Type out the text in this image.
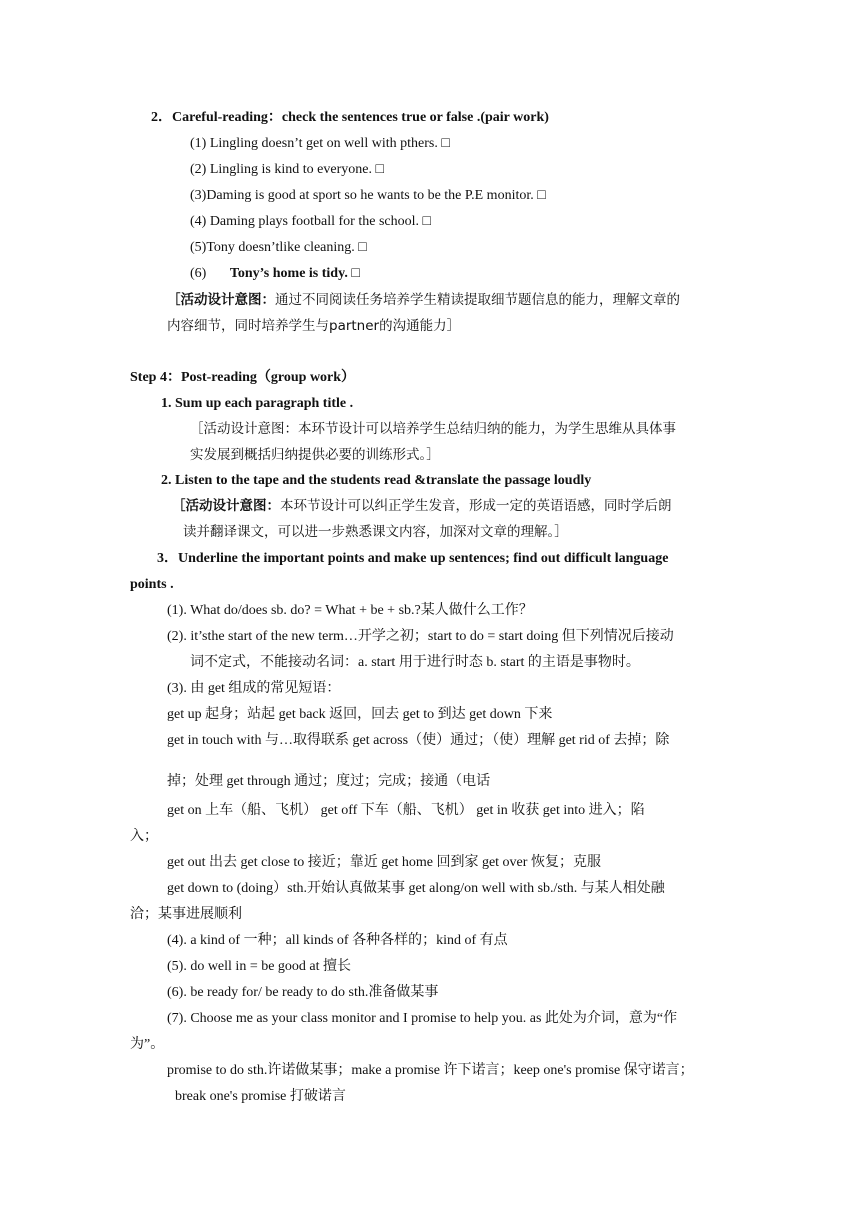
2．Careful-reading：check the sentences true or false .(pair work)
(1) Lingling doesn’t get on well with pthers. □
(2) Lingling is kind to everyone. □
(3)Daming is good at sport so he wants to be the P.E monitor. □
(4) Daming plays football for the school. □
(5)Tony doesn’tlike cleaning. □
(6) Tony’s home is tidy. □
［活动设计意图：通过不同阅读任务培养学生精读提取细节题信息的能力，理解文章的
内容细节，同时培养学生与partner的沟通能力］
Step 4：Post-reading（group work）
1. Sum up each paragraph title .
［活动设计意图：本环节设计可以培养学生总结归纳的能力，为学生思维从具体事
实发展到概括归纳提供必要的训练形式。］
2. Listen to the tape and the students read &translate the passage loudly
［活动设计意图：本环节设计可以纠正学生发音，形成一定的英语语感，同时学后朗
读并翻译课文，可以进一步熟悉课文内容，加深对文章的理解。］
3．Underline the important points and make up sentences; find out difficult language
points .
(1). What do/does sb. do? = What + be + sb.?某人做什么工作？
(2). it’sthe start of the new term…开学之初；start to do = start doing 但下列情况后接动
词不定式，不能接动名词：a. start 用于进行时态 b. start 的主语是事物时。
(3). 由 get 组成的常见短语：
get up 起身；站起 get back 返回，回去 get to 到达 get down 下来
get in touch with 与…取得联系 get across（使）通过；（使）理解 get rid of 去掉；除
掉；处理 get through 通过；度过；完成；接通（电话
get on 上车（船、飞机） get off 下车（船、飞机） get in 收获 get into 进入；陷
入；
get out 出去 get close to 接近；靠近 get home 回到家 get over 恢复；克服
get down to (doing）sth.开始认真做某事 get along/on well with sb./sth. 与某人相处融
洽；某事进展顺利
(4). a kind of 一种；all kinds of 各种各样的；kind of 有点
(5). do well in = be good at 擅长
(6). be ready for/ be ready to do sth.准备做某事
(7). Choose me as your class monitor and I promise to help you. as 此处为介词，意为“作
为”。
promise to do sth.许诺做某事；make a promise 许下诺言；keep one's promise 保守诺言；
break one's promise 打破诺言
